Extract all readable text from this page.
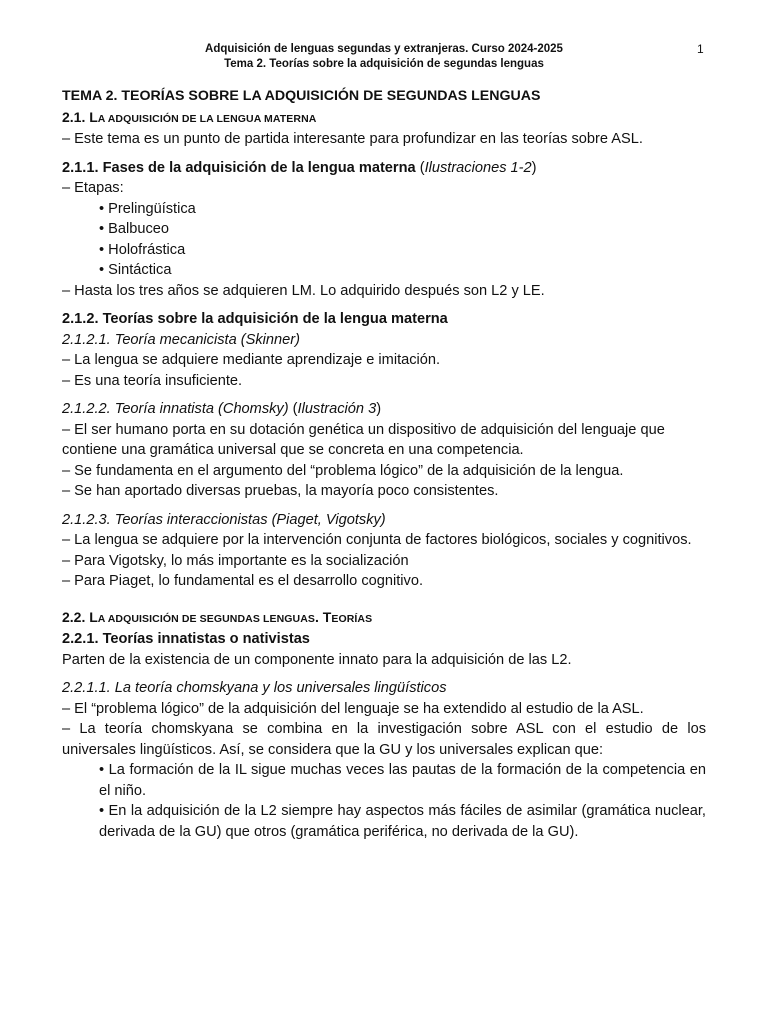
Adquisición de lenguas segundas y extranjeras. Curso 2024-2025
Tema 2. Teorías sobre la adquisición de segundas lenguas
1

TEMA 2. TEORÍAS SOBRE LA ADQUISICIÓN DE SEGUNDAS LENGUAS

2.1. LA ADQUISICIÓN DE LA LENGUA MATERNA

– Este tema es un punto de partida interesante para profundizar en las teorías sobre ASL.

2.1.1. Fases de la adquisición de la lengua materna (Ilustraciones 1-2)

– Etapas:

• Prelingüística

• Balbuceo

• Holofrástica

• Sintáctica

– Hasta los tres años se adquieren LM. Lo adquirido después son L2 y LE.

2.1.2. Teorías sobre la adquisición de la lengua materna

2.1.2.1. Teoría mecanicista (Skinner)

– La lengua se adquiere mediante aprendizaje e imitación.

– Es una teoría insuficiente.

2.1.2.2. Teoría innatista (Chomsky) (Ilustración 3)

– El ser humano porta en su dotación genética un dispositivo de adquisición del lenguaje que contiene una gramática universal que se concreta en una competencia.

– Se fundamenta en el argumento del “problema lógico” de la adquisición de la lengua.

– Se han aportado diversas pruebas, la mayoría poco consistentes.

2.1.2.3. Teorías interaccionistas (Piaget, Vigotsky)

– La lengua se adquiere por la intervención conjunta de factores biológicos, sociales y cognitivos.

– Para Vigotsky, lo más importante es la socialización

– Para Piaget, lo fundamental es el desarrollo cognitivo.

2.2. LA ADQUISICIÓN DE SEGUNDAS LENGUAS. TEORÍAS

2.2.1. Teorías innatistas o nativistas

Parten de la existencia de un componente innato para la adquisición de las L2.

2.2.1.1. La teoría chomskyana y los universales lingüísticos

– El “problema lógico” de la adquisición del lenguaje se ha extendido al estudio de la ASL.

– La teoría chomskyana se combina en la investigación sobre ASL con el estudio de los universales lingüísticos. Así, se considera que la GU y los universales explican que:

• La formación de la IL sigue muchas veces las pautas de la formación de la competencia en el niño.

• En la adquisición de la L2 siempre hay aspectos más fáciles de asimilar (gramática nuclear, derivada de la GU) que otros (gramática periférica, no derivada de la GU).
